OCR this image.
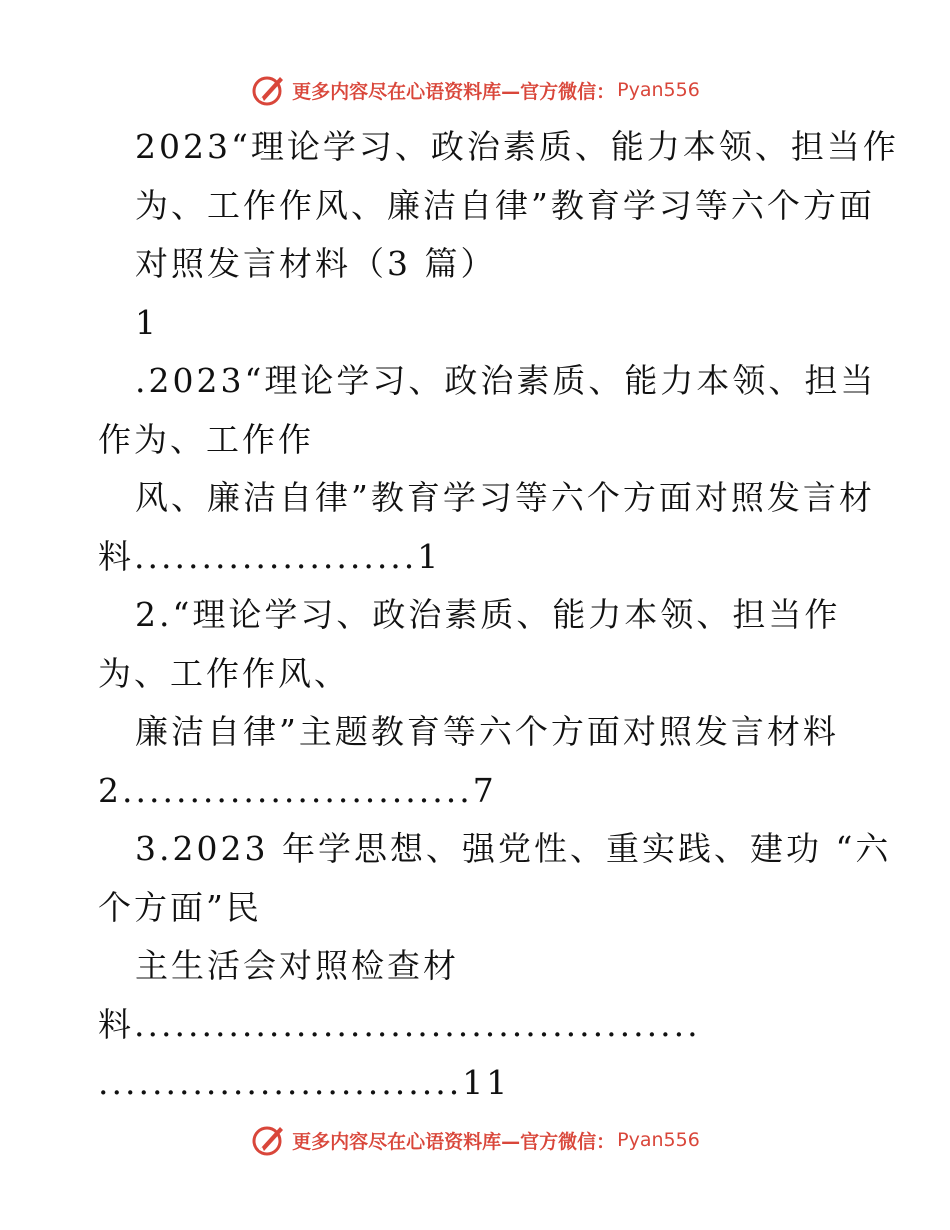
更多内容尽在心语资料库—官方微信： Pyan556
2023“理论学习、政治素质、能力本领、担当作
为、工作作风、廉洁自律”教育学习等六个方面
对照发言材料（3 篇）
1
.2023“理论学习、政治素质、能力本领、担当
作为、工作作
风、廉洁自律”教育学习等六个方面对照发言材
料.....................1
2.“理论学习、政治素质、能力本领、担当作
为、工作作风、
廉洁自律”主题教育等六个方面对照发言材料
2..........................7
3.2023 年学思想、强党性、重实践、建功 “六
个方面”民
主生活会对照检查材
料..........................................
...........................11
更多内容尽在心语资料库—官方微信： Pyan556
